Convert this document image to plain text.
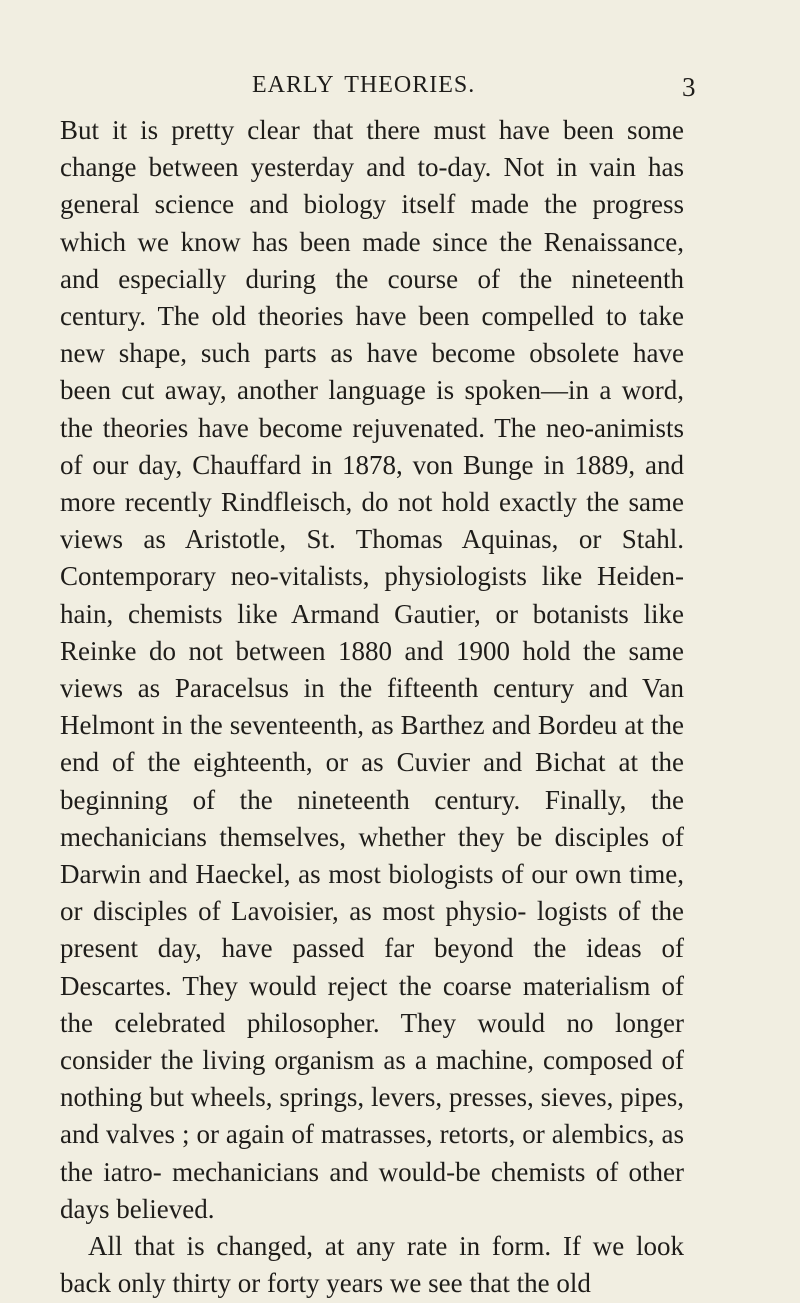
EARLY THEORIES.	3

But it is pretty clear that there must have been some change between yesterday and to-day. Not in vain has general science and biology itself made the progress which we know has been made since the Renaissance, and especially during the course of the nineteenth century. The old theories have been compelled to take new shape, such parts as have become obsolete have been cut away, another language is spoken—in a word, the theories have become rejuvenated. The neo-animists of our day, Chauffard in 1878, von Bunge in 1889, and more recently Rindfleisch, do not hold exactly the same views as Aristotle, St. Thomas Aquinas, or Stahl. Contemporary neo-vitalists, physiologists like Heiden- hain, chemists like Armand Gautier, or botanists like Reinke do not between 1880 and 1900 hold the same views as Paracelsus in the fifteenth century and Van Helmont in the seventeenth, as Barthez and Bordeu at the end of the eighteenth, or as Cuvier and Bichat at the beginning of the nineteenth century. Finally, the mechanicians themselves, whether they be disciples of Darwin and Haeckel, as most biologists of our own time, or disciples of Lavoisier, as most physio- logists of the present day, have passed far beyond the ideas of Descartes. They would reject the coarse materialism of the celebrated philosopher. They would no longer consider the living organism as a machine, composed of nothing but wheels, springs, levers, presses, sieves, pipes, and valves ; or again of matrasses, retorts, or alembics, as the iatro- mechanicians and would-be chemists of other days believed.

All that is changed, at any rate in form. If we look back only thirty or forty years we see that the old
